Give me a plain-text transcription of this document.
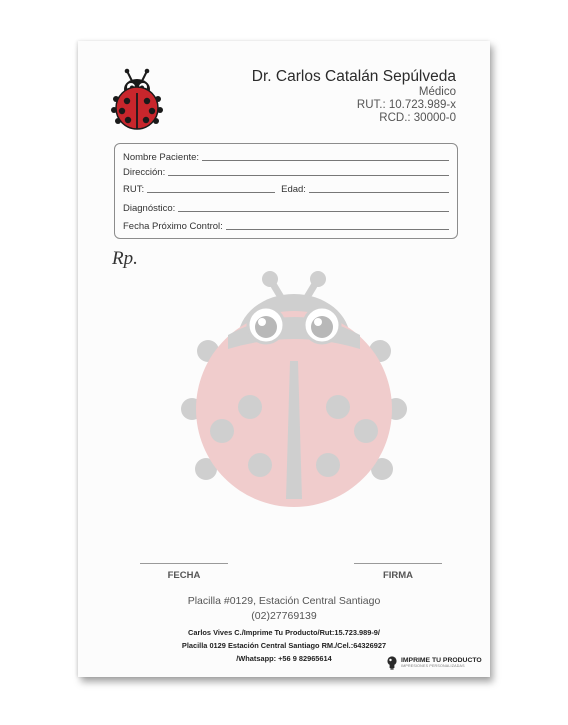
Dr. Carlos Catalán Sepúlveda
Médico
RUT.: 10.723.989-x
RCD.: 30000-0
Nombre Paciente:
Dirección:
RUT:	Edad:
Diagnóstico:
Fecha Próximo Control:
Rp.
FECHA	FIRMA
Placilla #0129, Estación Central Santiago
(02)27769139
Carlos Vives C./Imprime Tu Producto/Rut:15.723.989-9/
Placilla 0129 Estación Central Santiago RM./Cel.:64326927
/Whatsapp: +56 9 82965614	IMPRIME TU PRODUCTO
IMPRESIONES PERSONALIZADAS
